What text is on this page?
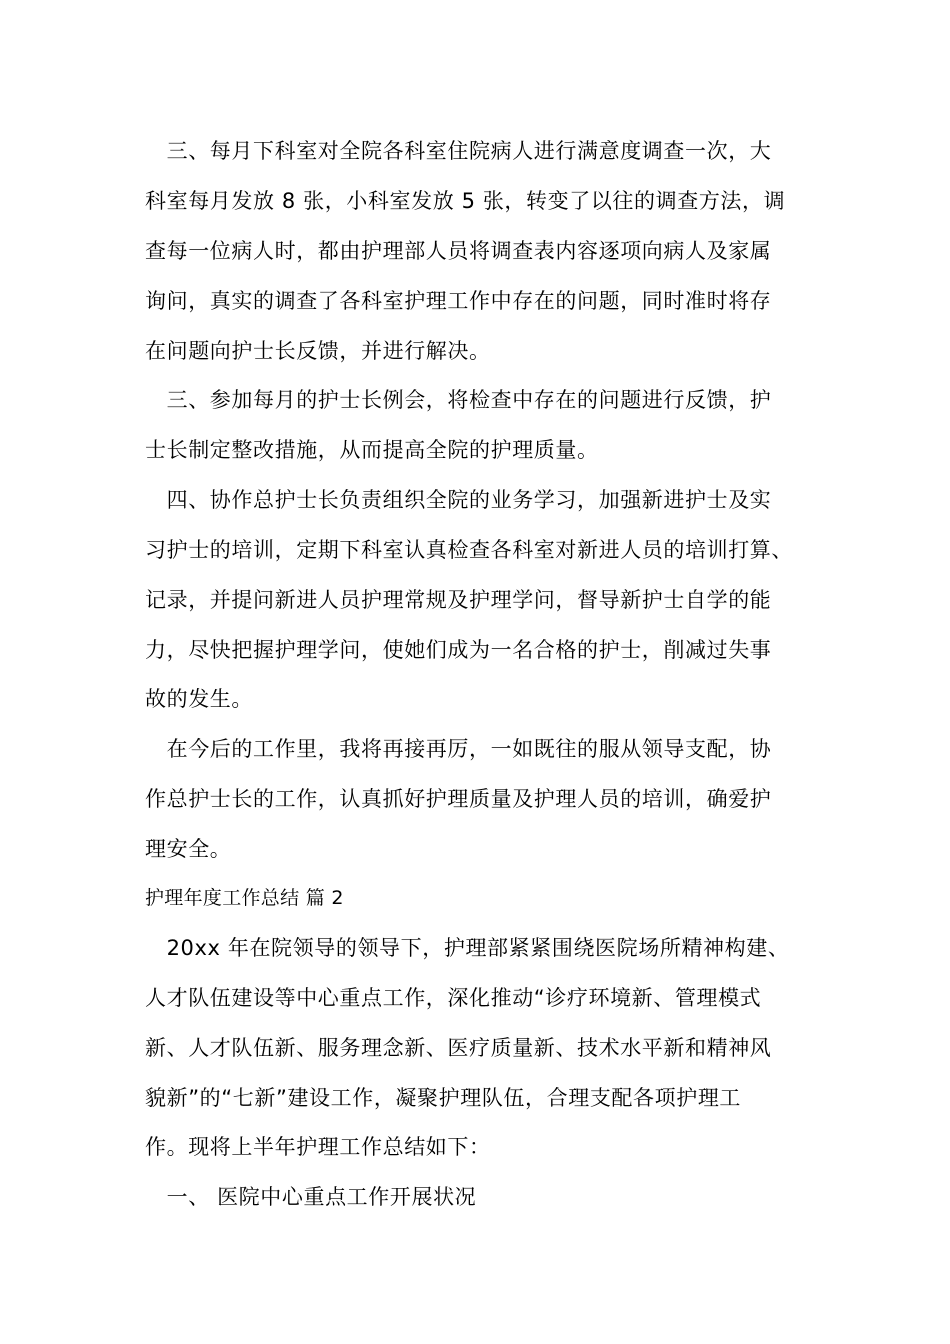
　三、每月下科室对全院各科室住院病人进行满意度调查一次，大
科室每月发放 8 张，小科室发放 5 张，转变了以往的调查方法，调
查每一位病人时，都由护理部人员将调查表内容逐项向病人及家属
询问，真实的调查了各科室护理工作中存在的问题，同时准时将存
在问题向护士长反馈，并进行解决。
　三、参加每月的护士长例会，将检查中存在的问题进行反馈，护
士长制定整改措施，从而提高全院的护理质量。
　四、协作总护士长负责组织全院的业务学习，加强新进护士及实
习护士的培训，定期下科室认真检查各科室对新进人员的培训打算、
记录，并提问新进人员护理常规及护理学问，督导新护士自学的能
力，尽快把握护理学问，使她们成为一名合格的护士，削减过失事
故的发生。
　在今后的工作里，我将再接再厉，一如既往的服从领导支配，协
作总护士长的工作，认真抓好护理质量及护理人员的培训，确爱护
理安全。
护理年度工作总结 篇 2
　20xx 年在院领导的领导下，护理部紧紧围绕医院场所精神构建、
人才队伍建设等中心重点工作，深化推动“诊疗环境新、管理模式
新、人才队伍新、服务理念新、医疗质量新、技术水平新和精神风
貌新”的“七新”建设工作，凝聚护理队伍，合理支配各项护理工
作。现将上半年护理工作总结如下：
　一、 医院中心重点工作开展状况
